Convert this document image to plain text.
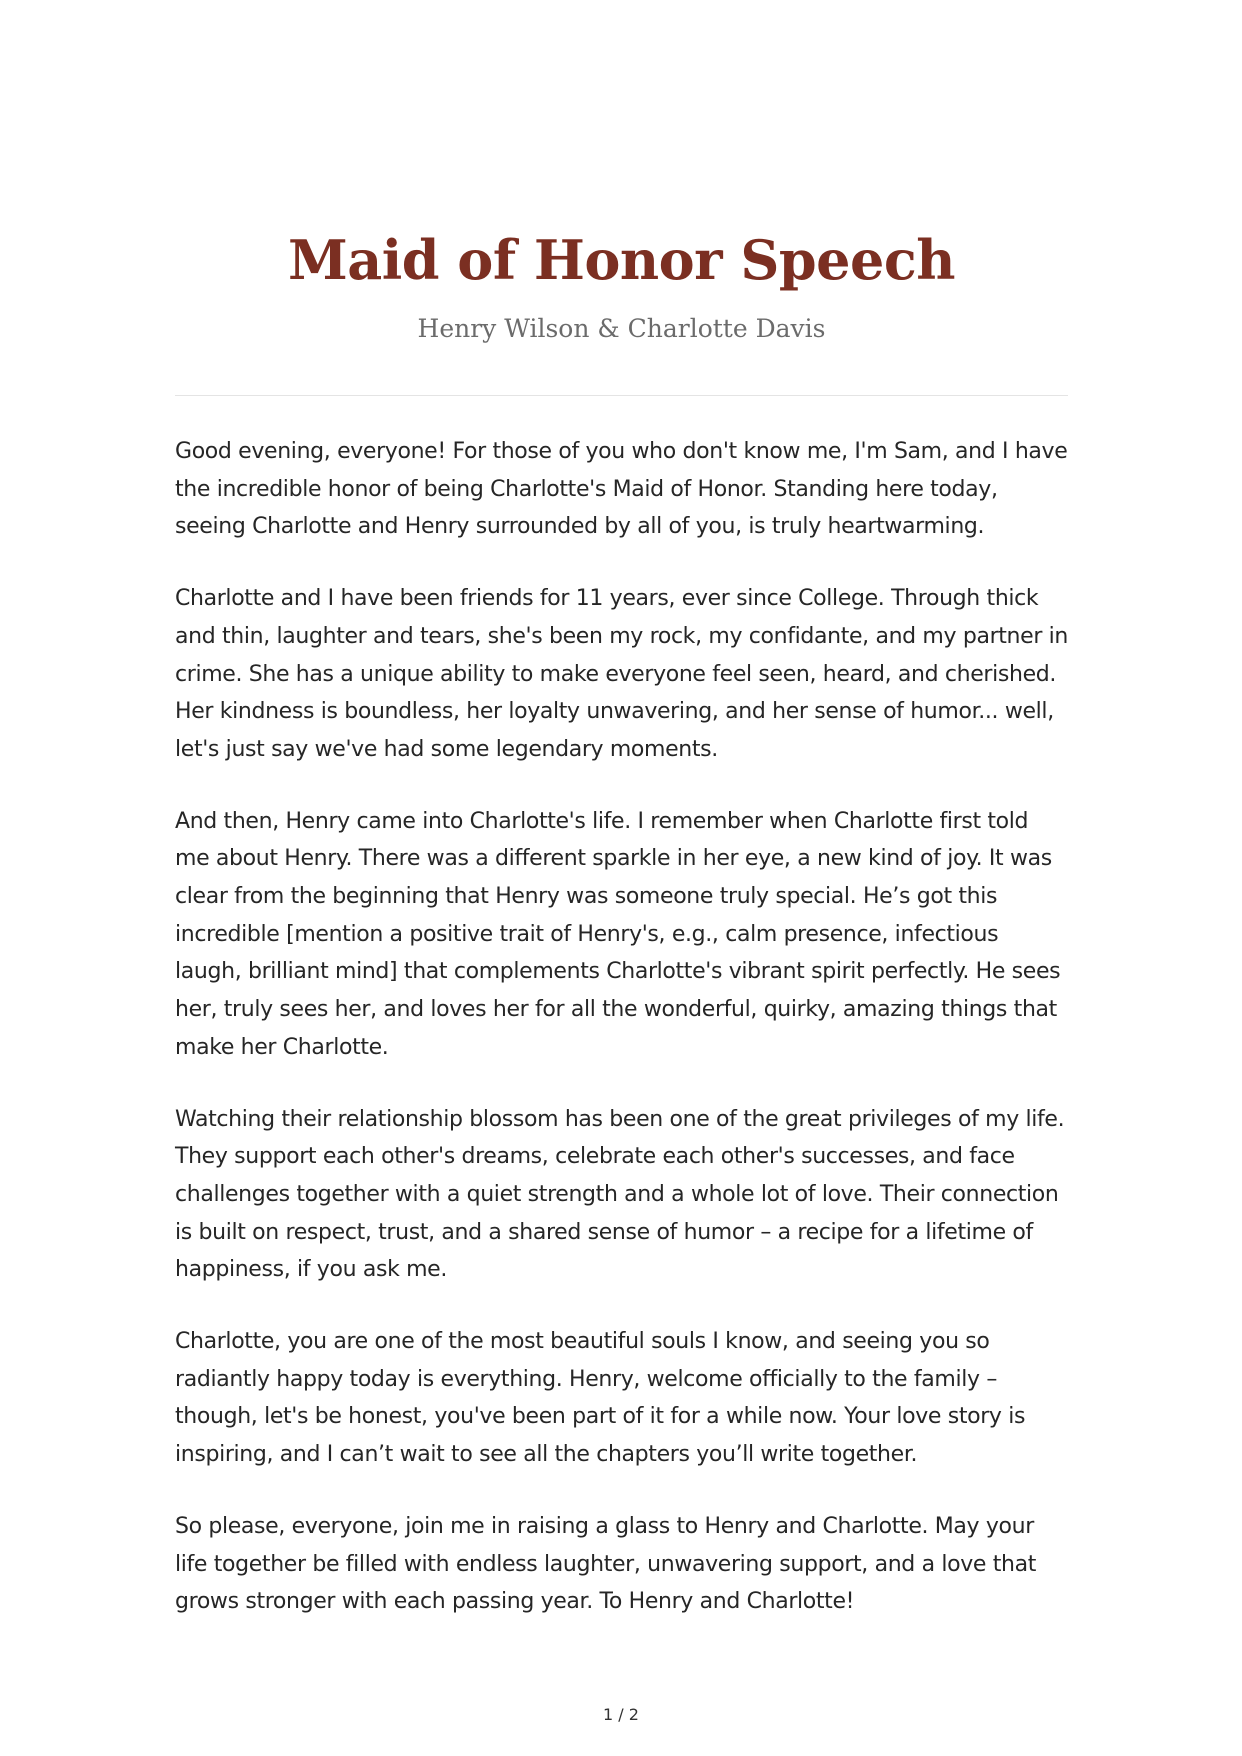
Maid of Honor Speech

Henry Wilson & Charlotte Davis

Good evening, everyone! For those of you who don't know me, I'm Sam, and I have the incredible honor of being Charlotte's Maid of Honor. Standing here today, seeing Charlotte and Henry surrounded by all of you, is truly heartwarming.

Charlotte and I have been friends for 11 years, ever since College. Through thick and thin, laughter and tears, she's been my rock, my confidante, and my partner in crime. She has a unique ability to make everyone feel seen, heard, and cherished. Her kindness is boundless, her loyalty unwavering, and her sense of humor... well, let's just say we've had some legendary moments.

And then, Henry came into Charlotte's life. I remember when Charlotte first told me about Henry. There was a different sparkle in her eye, a new kind of joy. It was clear from the beginning that Henry was someone truly special. He’s got this incredible [mention a positive trait of Henry's, e.g., calm presence, infectious laugh, brilliant mind] that complements Charlotte's vibrant spirit perfectly. He sees her, truly sees her, and loves her for all the wonderful, quirky, amazing things that make her Charlotte.

Watching their relationship blossom has been one of the great privileges of my life. They support each other's dreams, celebrate each other's successes, and face challenges together with a quiet strength and a whole lot of love. Their connection is built on respect, trust, and a shared sense of humor – a recipe for a lifetime of happiness, if you ask me.

Charlotte, you are one of the most beautiful souls I know, and seeing you so radiantly happy today is everything. Henry, welcome officially to the family – though, let's be honest, you've been part of it for a while now. Your love story is inspiring, and I can’t wait to see all the chapters you’ll write together.

So please, everyone, join me in raising a glass to Henry and Charlotte. May your life together be filled with endless laughter, unwavering support, and a love that grows stronger with each passing year. To Henry and Charlotte!

1 / 2
